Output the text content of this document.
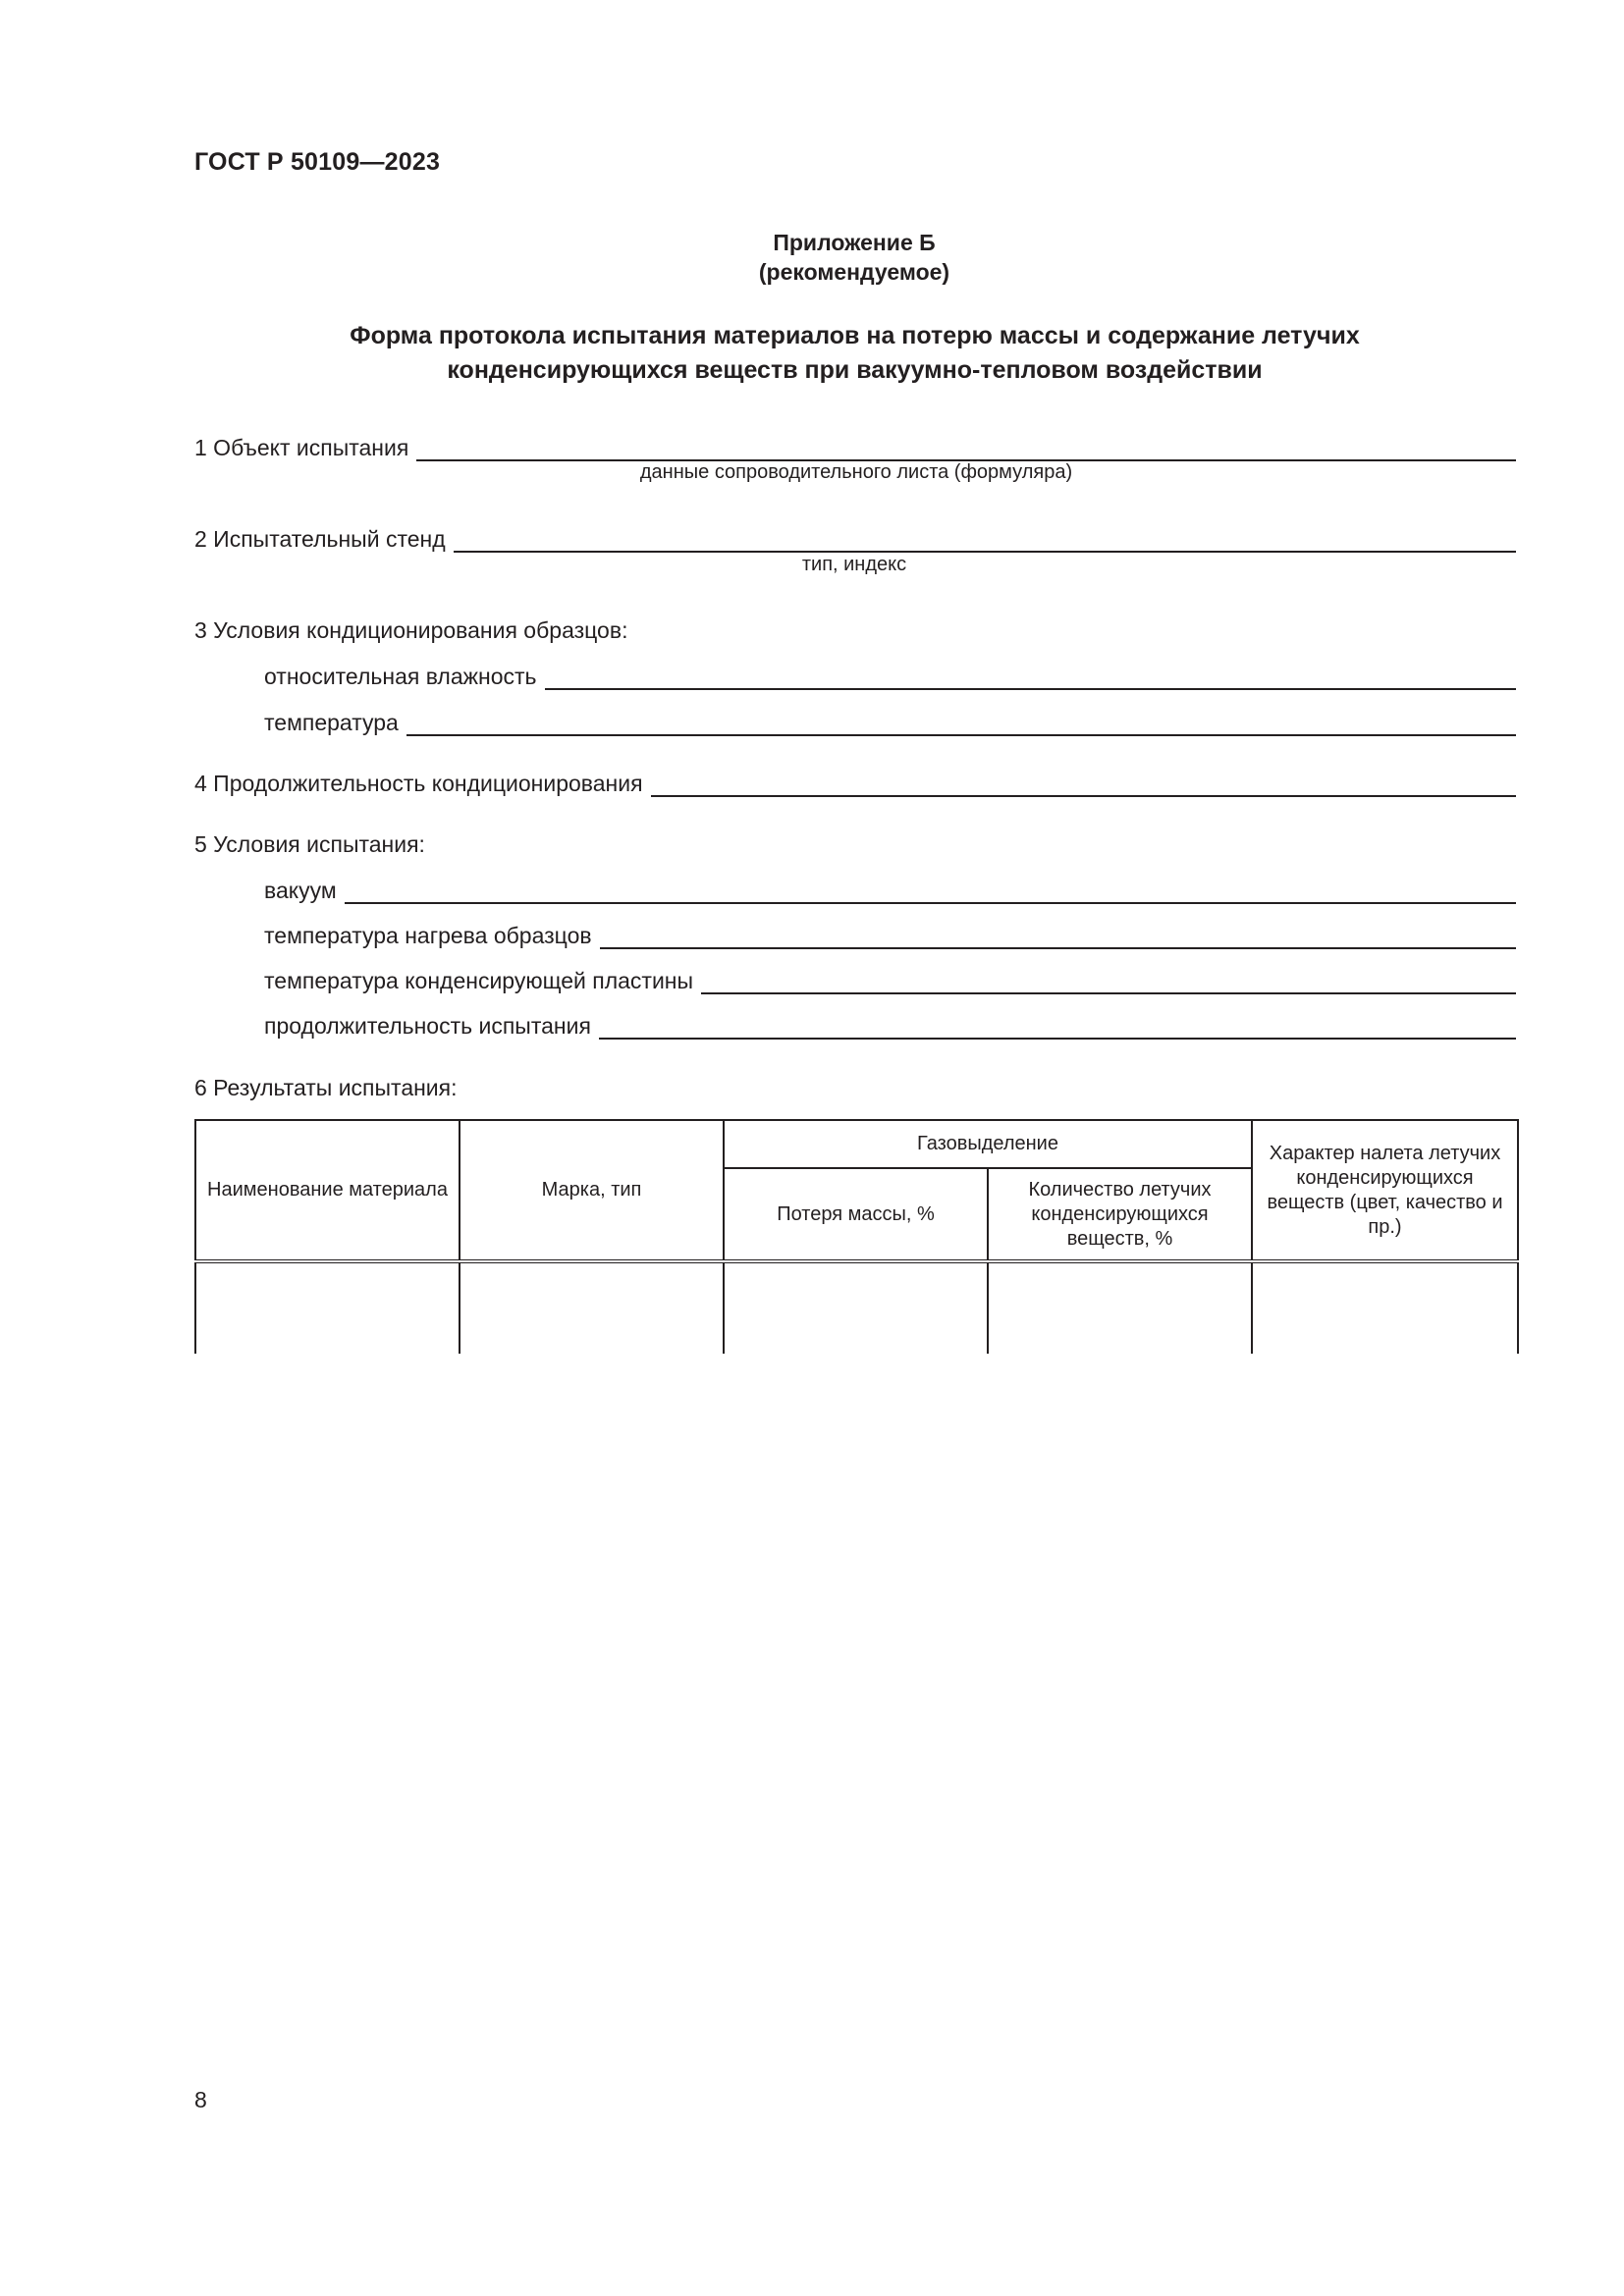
ГОСТ Р 50109—2023
Приложение Б
(рекомендуемое)
Форма протокола испытания материалов на потерю массы и содержание летучих
конденсирующихся веществ при вакуумно-тепловом воздействии
1 Объект испытания
данные сопроводительного листа (формуляра)
2 Испытательный стенд
тип, индекс
3 Условия кондиционирования образцов:
относительная влажность
температура
4 Продолжительность кондиционирования
5 Условия испытания:
вакуум
температура нагрева образцов
температура конденсирующей пластины
продолжительность испытания
6 Результаты испытания:
Наименование материала	Марка, тип	Газовыделение		Характер налета летучих конденсирующихся веществ (цвет, качество и пр.)
		Потеря массы, %	Количество летучих конденсирующихся веществ, %	

8
